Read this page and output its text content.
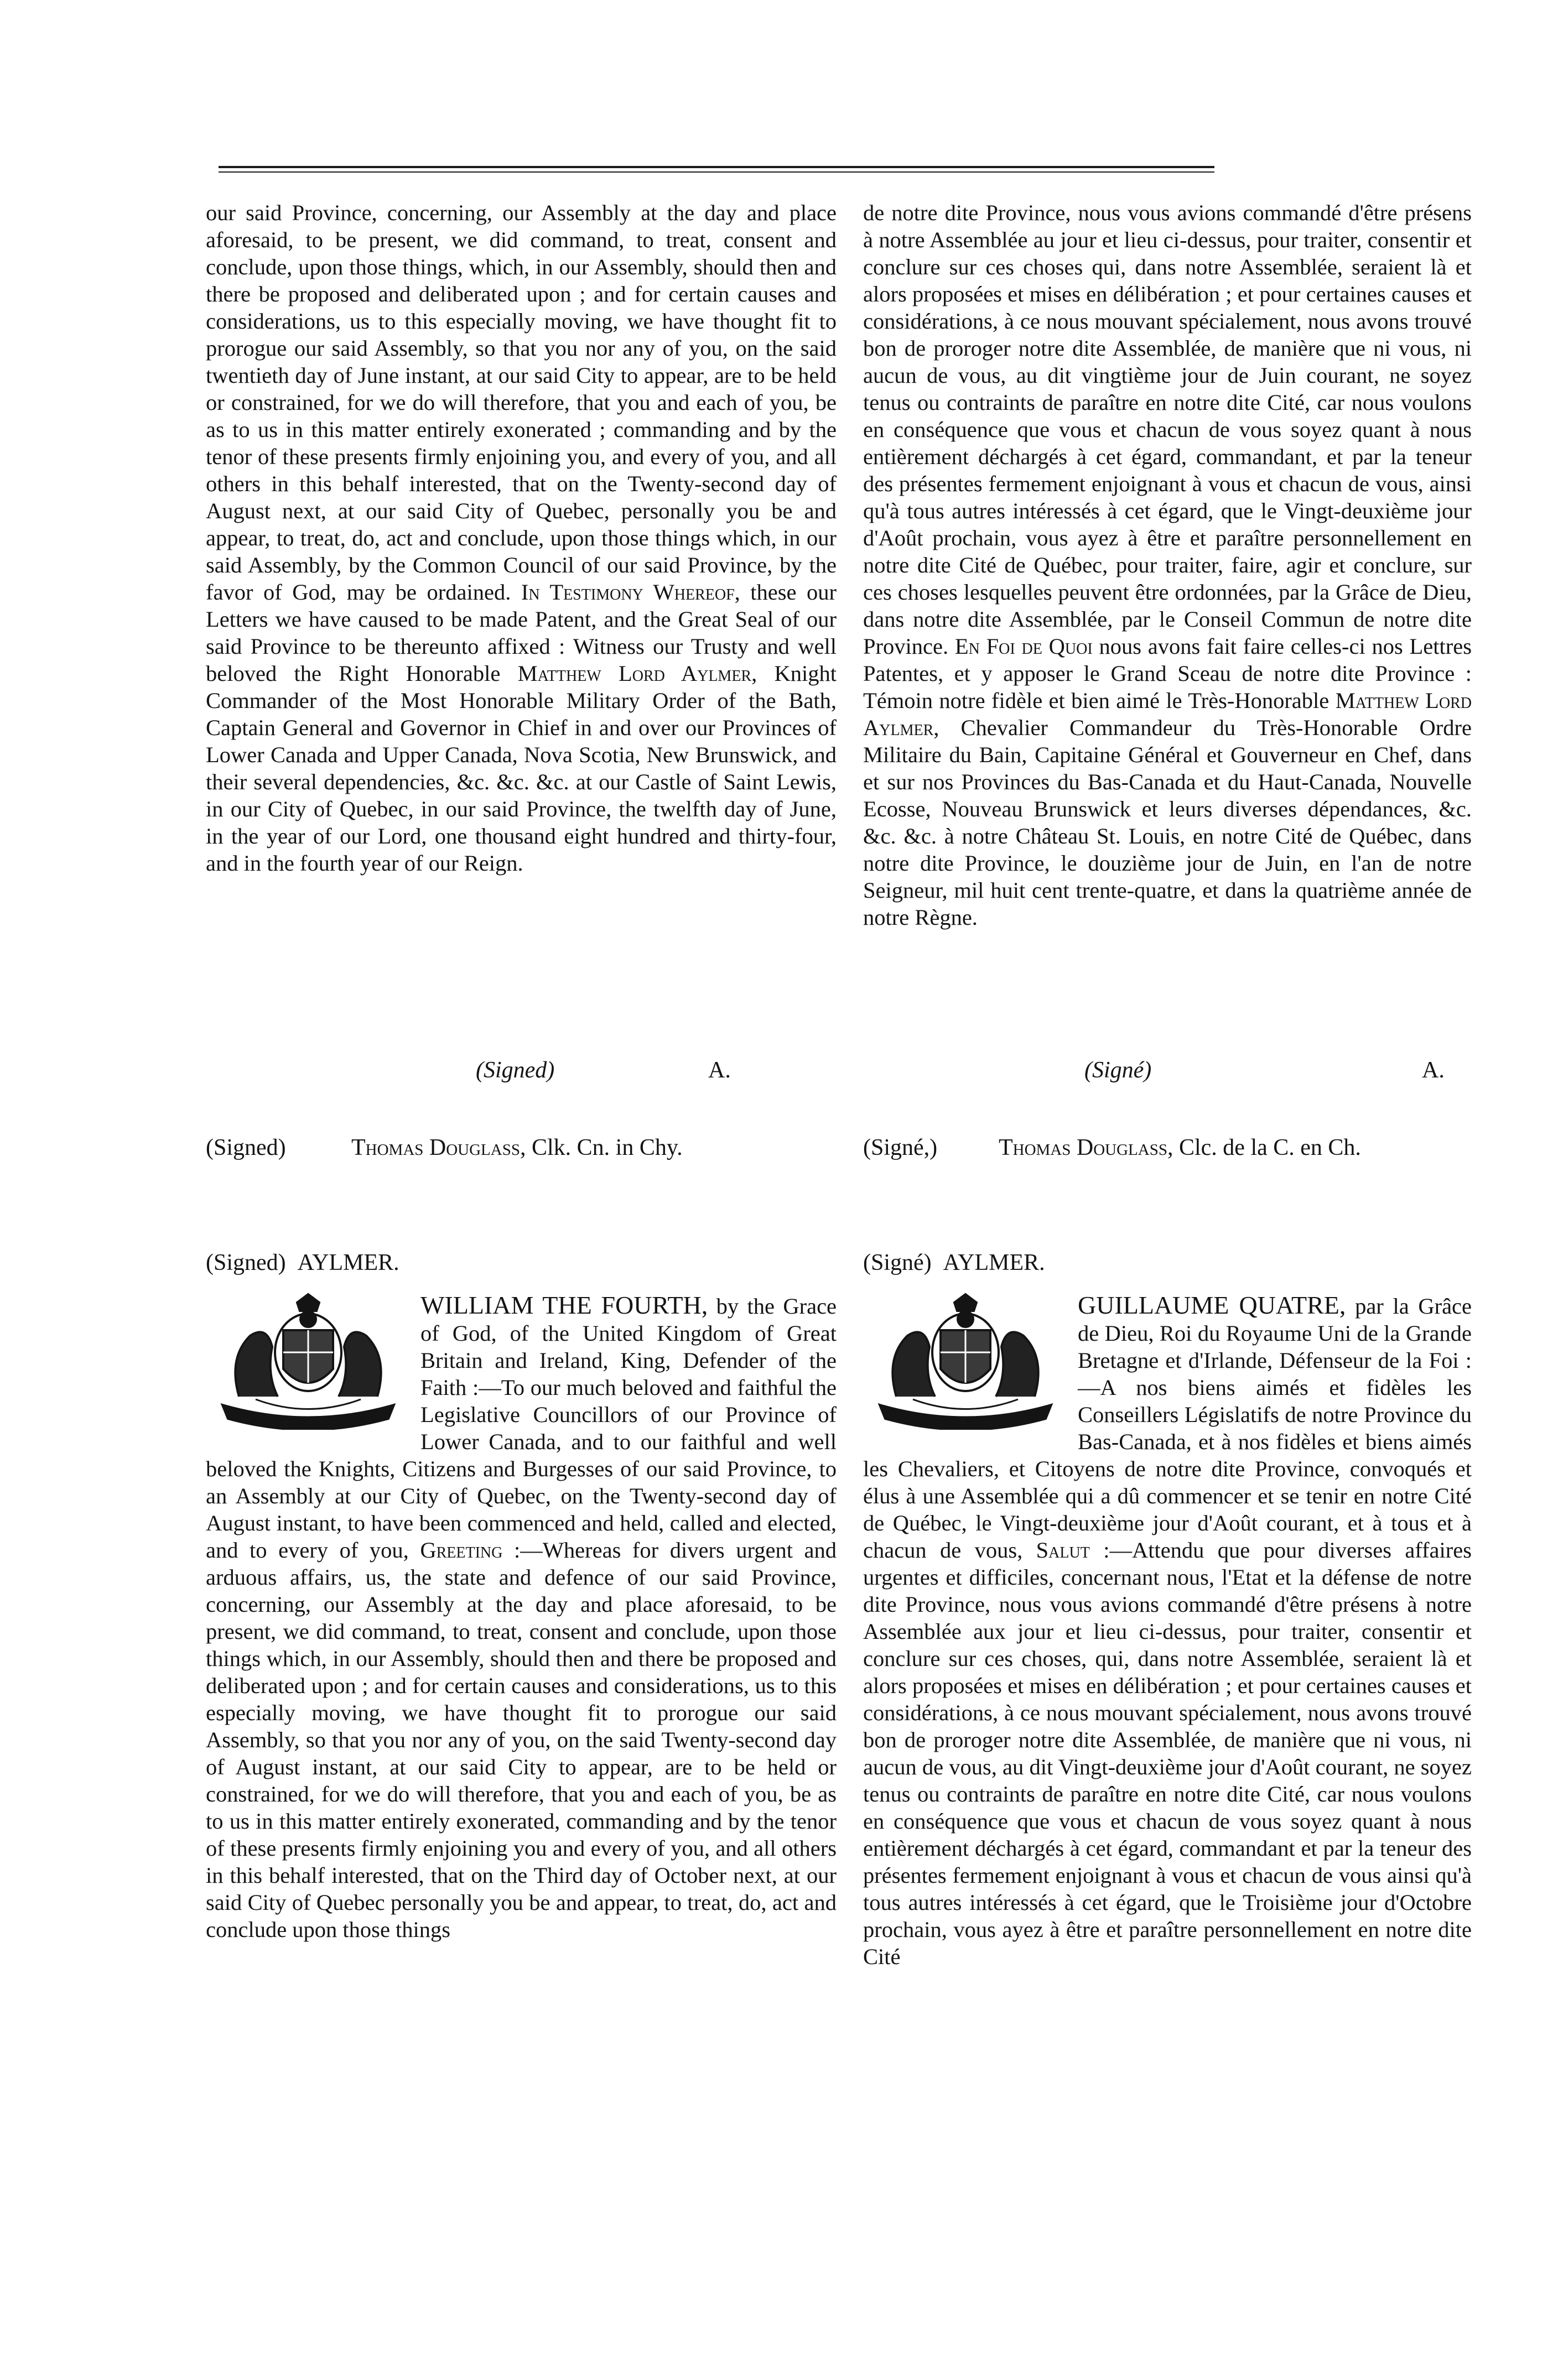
our said Province, concerning, our Assembly at the day and place aforesaid, to be present, we did command, to treat, consent and conclude, upon those things, which, in our Assembly, should then and there be proposed and deliberated upon ; and for certain causes and considerations, us to this especially moving, we have thought fit to prorogue our said Assembly, so that you nor any of you, on the said twentieth day of June instant, at our said City to appear, are to be held or constrained, for we do will therefore, that you and each of you, be as to us in this matter entirely exonerated ; commanding and by the tenor of these presents firmly enjoining you, and every of you, and all others in this behalf interested, that on the Twenty-second day of August next, at our said City of Quebec, personally you be and appear, to treat, do, act and conclude, upon those things which, in our said Assembly, by the Common Council of our said Province, by the favor of God, may be ordained. In Testimony Whereof, these our Letters we have caused to be made Patent, and the Great Seal of our said Province to be thereunto affixed : Witness our Trusty and well beloved the Right Honorable Matthew Lord Aylmer, Knight Commander of the Most Honorable Military Order of the Bath, Captain General and Governor in Chief in and over our Provinces of Lower Canada and Upper Canada, Nova Scotia, New Brunswick, and their several dependencies, &c. &c. &c. at our Castle of Saint Lewis, in our City of Quebec, in our said Province, the twelfth day of June, in the year of our Lord, one thousand eight hundred and thirty-four, and in the fourth year of our Reign.

de notre dite Province, nous vous avions commandé d'être présens à notre Assemblée au jour et lieu ci-dessus, pour traiter, consentir et conclure sur ces choses qui, dans notre Assemblée, seraient là et alors proposées et mises en délibération ; et pour certaines causes et considérations, à ce nous mouvant spécialement, nous avons trouvé bon de proroger notre dite Assemblée, de manière que ni vous, ni aucun de vous, au dit vingtième jour de Juin courant, ne soyez tenus ou contraints de paraître en notre dite Cité, car nous voulons en conséquence que vous et chacun de vous soyez quant à nous entièrement déchargés à cet égard, commandant, et par la teneur des présentes fermement enjoignant à vous et chacun de vous, ainsi qu'à tous autres intéressés à cet égard, que le Vingt-deuxième jour d'Août prochain, vous ayez à être et paraître personnellement en notre dite Cité de Québec, pour traiter, faire, agir et conclure, sur ces choses lesquelles peuvent être ordonnées, par la Grâce de Dieu, dans notre dite Assemblée, par le Conseil Commun de notre dite Province. En Foi de Quoi nous avons fait faire celles-ci nos Lettres Patentes, et y apposer le Grand Sceau de notre dite Province : Témoin notre fidèle et bien aimé le Très-Honorable Matthew Lord Aylmer, Chevalier Commandeur du Très-Honorable Ordre Militaire du Bain, Capitaine Général et Gouverneur en Chef, dans et sur nos Provinces du Bas-Canada et du Haut-Canada, Nouvelle Ecosse, Nouveau Brunswick et leurs diverses dépendances, &c. &c. &c. à notre Château St. Louis, en notre Cité de Québec, dans notre dite Province, le douzième jour de Juin, en l'an de notre Seigneur, mil huit cent trente-quatre, et dans la quatrième année de notre Règne.

(Signed)	A.
(Signed)	Thomas Douglass, Clk. Cn. in Chy.
(Signé)	A.
(Signé,)	Thomas Douglass, Clc. de la C. en Ch.
(Signed) AYLMER.	(Signé) AYLMER.

WILLIAM THE FOURTH, by the Grace of God, of the United Kingdom of Great Britain and Ireland, King, Defender of the Faith :—To our much beloved and faithful the Legislative Councillors of our Province of Lower Canada, and to our faithful and well beloved the Knights, Citizens and Burgesses of our said Province, to an Assembly at our City of Quebec, on the Twenty-second day of August instant, to have been commenced and held, called and elected, and to every of you, Greeting :—Whereas for divers urgent and arduous affairs, us, the state and defence of our said Province, concerning, our Assembly at the day and place aforesaid, to be present, we did command, to treat, consent and conclude, upon those things which, in our Assembly, should then and there be proposed and deliberated upon ; and for certain causes and considerations, us to this especially moving, we have thought fit to prorogue our said Assembly, so that you nor any of you, on the said Twenty-second day of August instant, at our said City to appear, are to be held or constrained, for we do will therefore, that you and each of you, be as to us in this matter entirely exonerated, commanding and by the tenor of these presents firmly enjoining you and every of you, and all others in this behalf interested, that on the Third day of October next, at our said City of Quebec personally you be and appear, to treat, do, act and conclude upon those things

GUILLAUME QUATRE, par la Grâce de Dieu, Roi du Royaume Uni de la Grande Bretagne et d'Irlande, Défenseur de la Foi :—A nos biens aimés et fidèles les Conseillers Législatifs de notre Province du Bas-Canada, et à nos fidèles et biens aimés les Chevaliers, et Citoyens de notre dite Province, convoqués et élus à une Assemblée qui a dû commencer et se tenir en notre Cité de Québec, le Vingt-deuxième jour d'Août courant, et à tous et à chacun de vous, Salut :—Attendu que pour diverses affaires urgentes et difficiles, concernant nous, l'Etat et la défense de notre dite Province, nous vous avions commandé d'être présens à notre Assemblée aux jour et lieu ci-dessus, pour traiter, consentir et conclure sur ces choses, qui, dans notre Assemblée, seraient là et alors proposées et mises en délibération ; et pour certaines causes et considérations, à ce nous mouvant spécialement, nous avons trouvé bon de proroger notre dite Assemblée, de manière que ni vous, ni aucun de vous, au dit Vingt-deuxième jour d'Août courant, ne soyez tenus ou contraints de paraître en notre dite Cité, car nous voulons en conséquence que vous et chacun de vous soyez quant à nous entièrement déchargés à cet égard, commandant et par la teneur des présentes fermement enjoignant à vous et chacun de vous ainsi qu'à tous autres intéressés à cet égard, que le Troisième jour d'Octobre prochain, vous ayez à être et paraître personnellement en notre dite Cité
